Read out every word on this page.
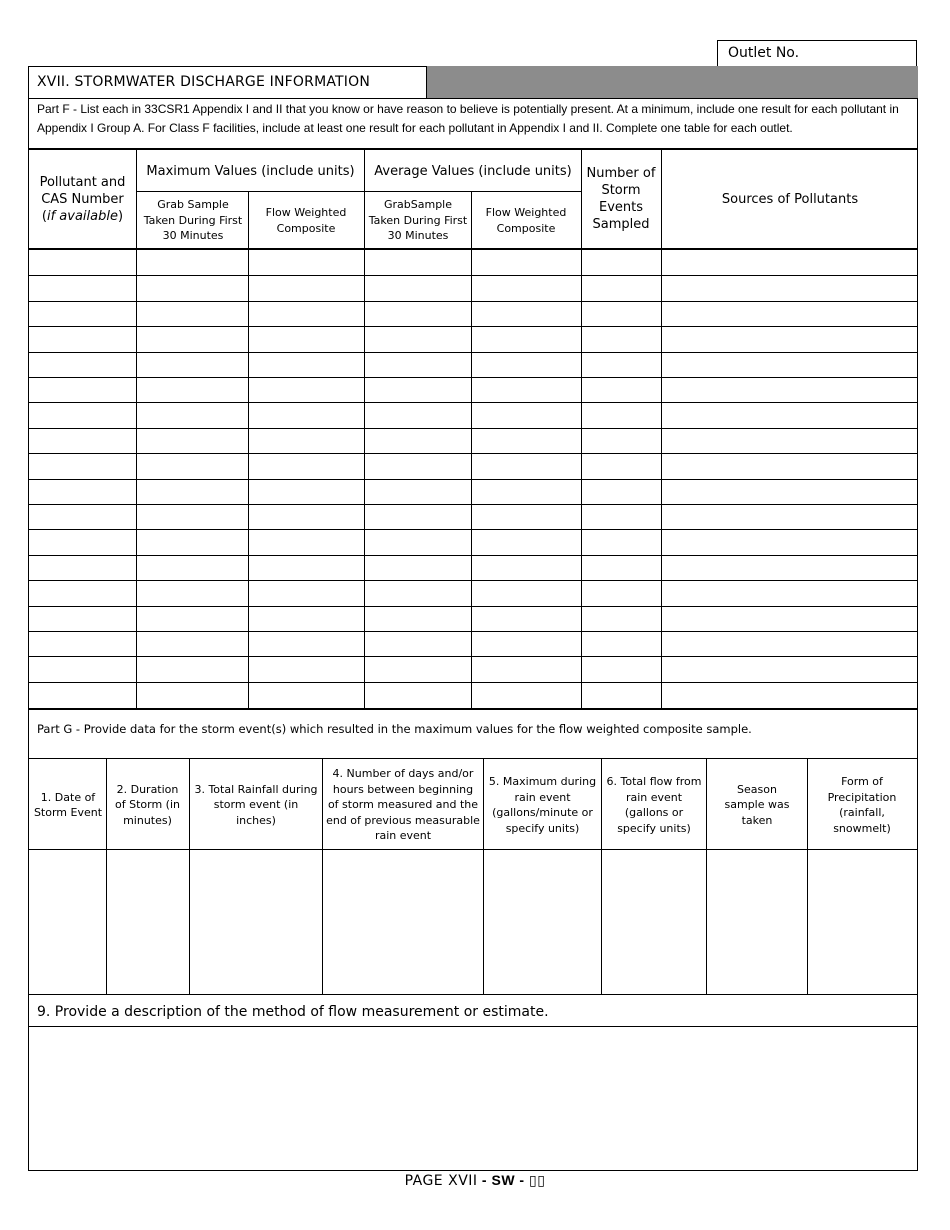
Outlet No.
XVII. STORMWATER DISCHARGE INFORMATION
Part F - List each in 33CSR1 Appendix I and II that you know or have reason to believe is potentially present. At a minimum, include one result for each pollutant in Appendix I Group A. For Class F facilities, include at least one result for each pollutant in Appendix I and II. Complete one table for each outlet.
Pollutant and
CAS Number
(if available)
Maximum Values (include units)	Average Values (include units)
Grab Sample Taken During First 30 Minutes
Flow Weighted Composite
GrabSample Taken During First 30 Minutes
Flow Weighted Composite
Number of Storm Events Sampled
Sources of Pollutants
Part G - Provide data for the storm event(s) which resulted in the maximum values for the flow weighted composite sample.
1. Date of Storm Event
2. Duration of Storm (in minutes)
3. Total Rainfall during storm event (in inches)
4. Number of days and/or hours between beginning of storm measured and the end of previous measurable rain event
5. Maximum during rain event (gallons/minute or specify units)
6. Total flow from rain event (gallons or specify units)
Season sample was taken
Form of Precipitation (rainfall, snowmelt)
9. Provide a description of the method of flow measurement or estimate.
PAGE XVII - SW - ▯▯
